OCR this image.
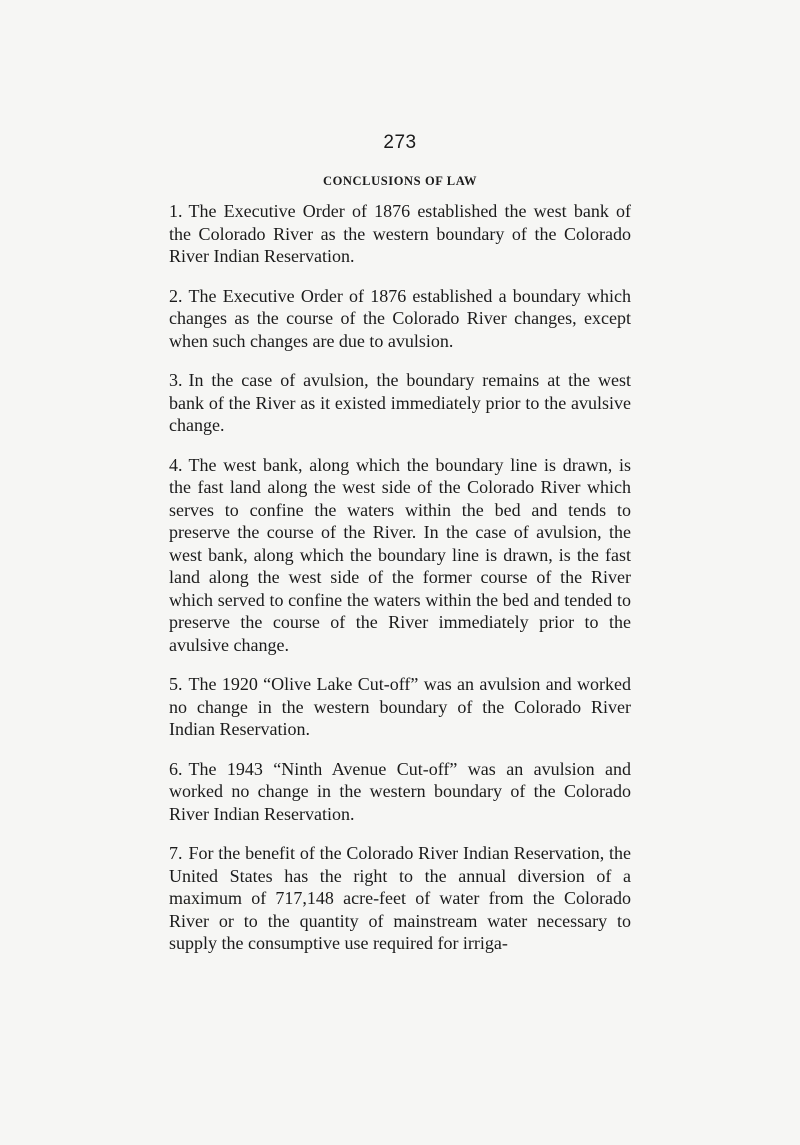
273
CONCLUSIONS OF LAW
1. The Executive Order of 1876 established the west bank of the Colorado River as the western boundary of the Colorado River Indian Reservation.
2. The Executive Order of 1876 established a boundary which changes as the course of the Colorado River changes, except when such changes are due to avulsion.
3. In the case of avulsion, the boundary remains at the west bank of the River as it existed immediately prior to the avulsive change.
4. The west bank, along which the boundary line is drawn, is the fast land along the west side of the Colorado River which serves to confine the waters within the bed and tends to preserve the course of the River. In the case of avulsion, the west bank, along which the boundary line is drawn, is the fast land along the west side of the former course of the River which served to confine the waters within the bed and tended to preserve the course of the River immediately prior to the avulsive change.
5. The 1920 “Olive Lake Cut-off” was an avulsion and worked no change in the western boundary of the Colorado River Indian Reservation.
6. The 1943 “Ninth Avenue Cut-off” was an avulsion and worked no change in the western boundary of the Colorado River Indian Reservation.
7. For the benefit of the Colorado River Indian Reservation, the United States has the right to the annual diversion of a maximum of 717,148 acre-feet of water from the Colorado River or to the quantity of mainstream water necessary to supply the consumptive use required for irriga-
